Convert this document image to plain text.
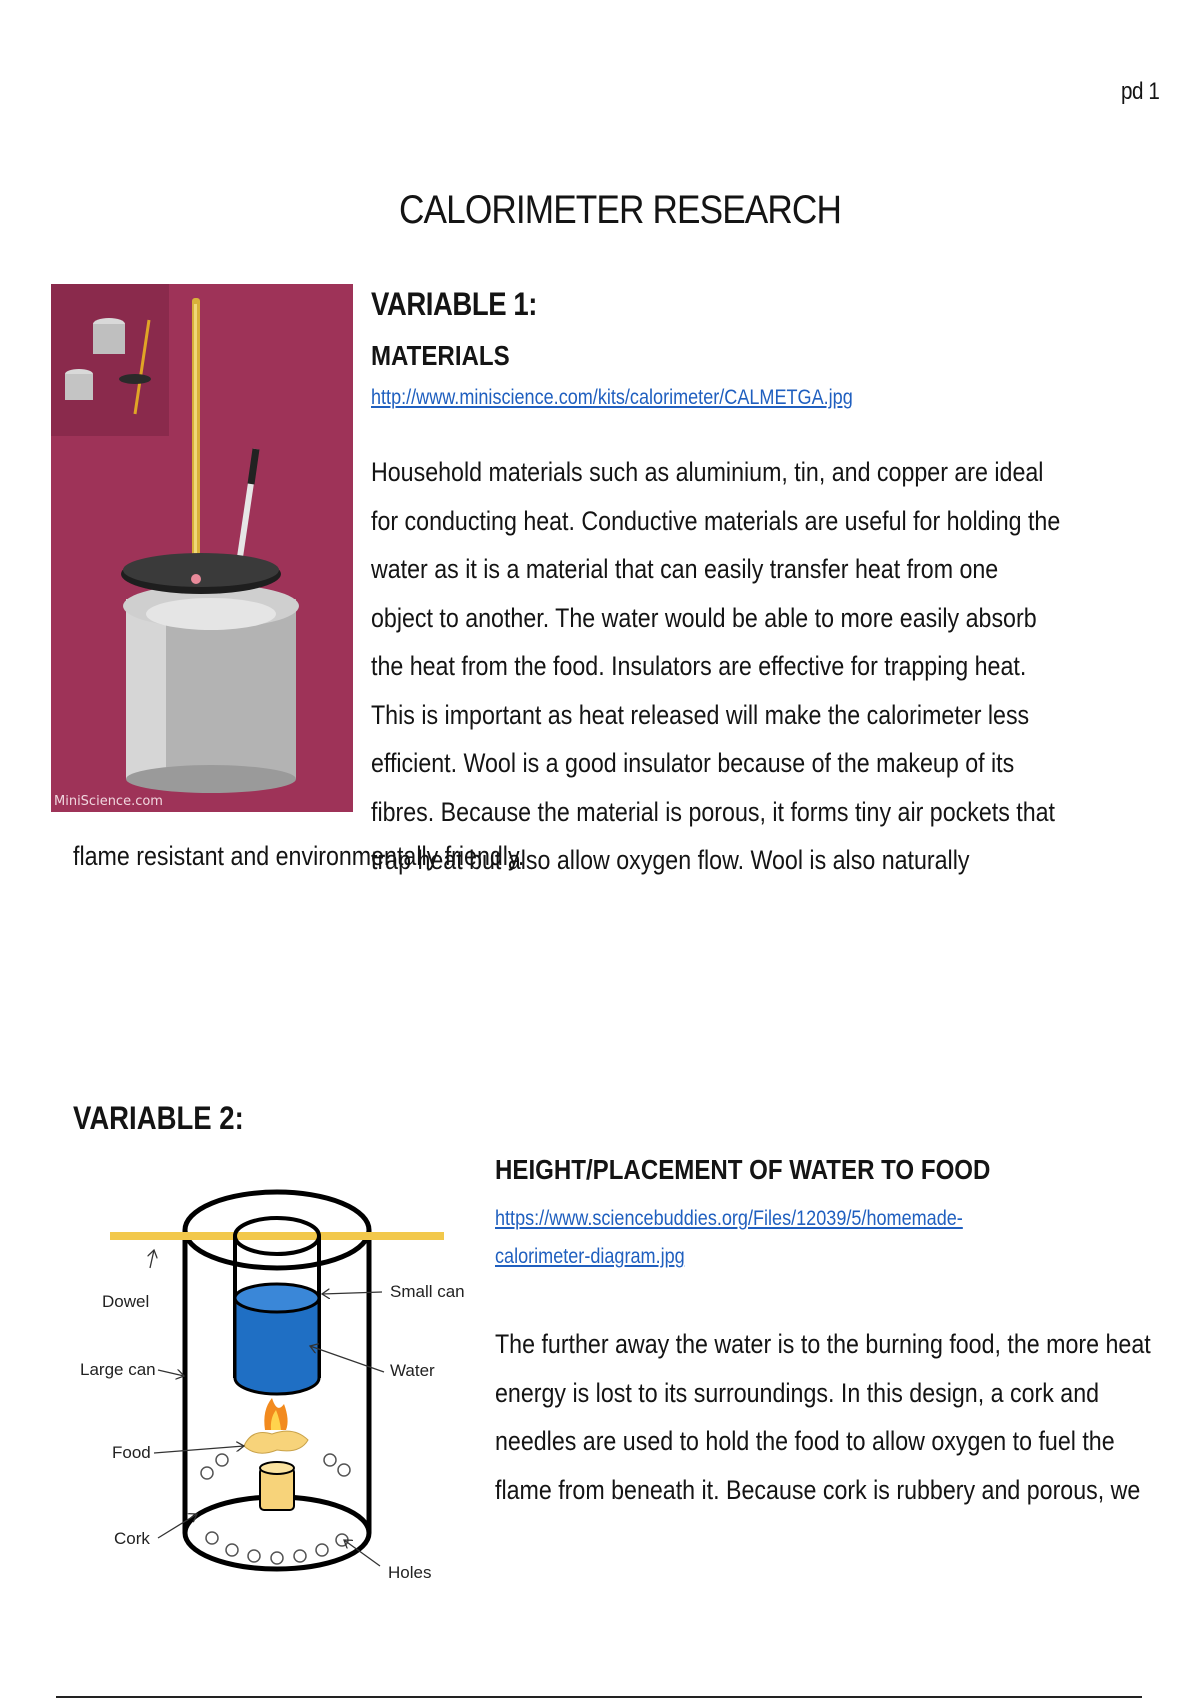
pd 1
CALORIMETER RESEARCH
MiniScience.com
VARIABLE 1:
MATERIALS
http://www.miniscience.com/kits/calorimeter/CALMETGA.jpg
Household materials such as aluminium, tin, and copper are ideal for conducting heat. Conductive materials are useful for holding the water as it is a material that can easily transfer heat from one object to another. The water would be able to more easily absorb the heat from the food. Insulators are effective for trapping heat. This is important as heat released will make the calorimeter less efficient. Wool is a good insulator because of the makeup of its fibres. Because the material is porous, it forms tiny air pockets that trap heat but also allow oxygen flow. Wool is also naturally
flame resistant and environmentally friendly.
VARIABLE 2:
Dowel
Large can
Food
Cork
Small can
Water
Holes
HEIGHT/PLACEMENT OF WATER TO FOOD
https://www.sciencebuddies.org/Files/12039/5/homemade-calorimeter-diagram.jpg
The further away the water is to the burning food, the more heat energy is lost to its surroundings. In this design, a cork and needles are used to hold the food to allow oxygen to fuel the flame from beneath it. Because cork is rubbery and porous, we
